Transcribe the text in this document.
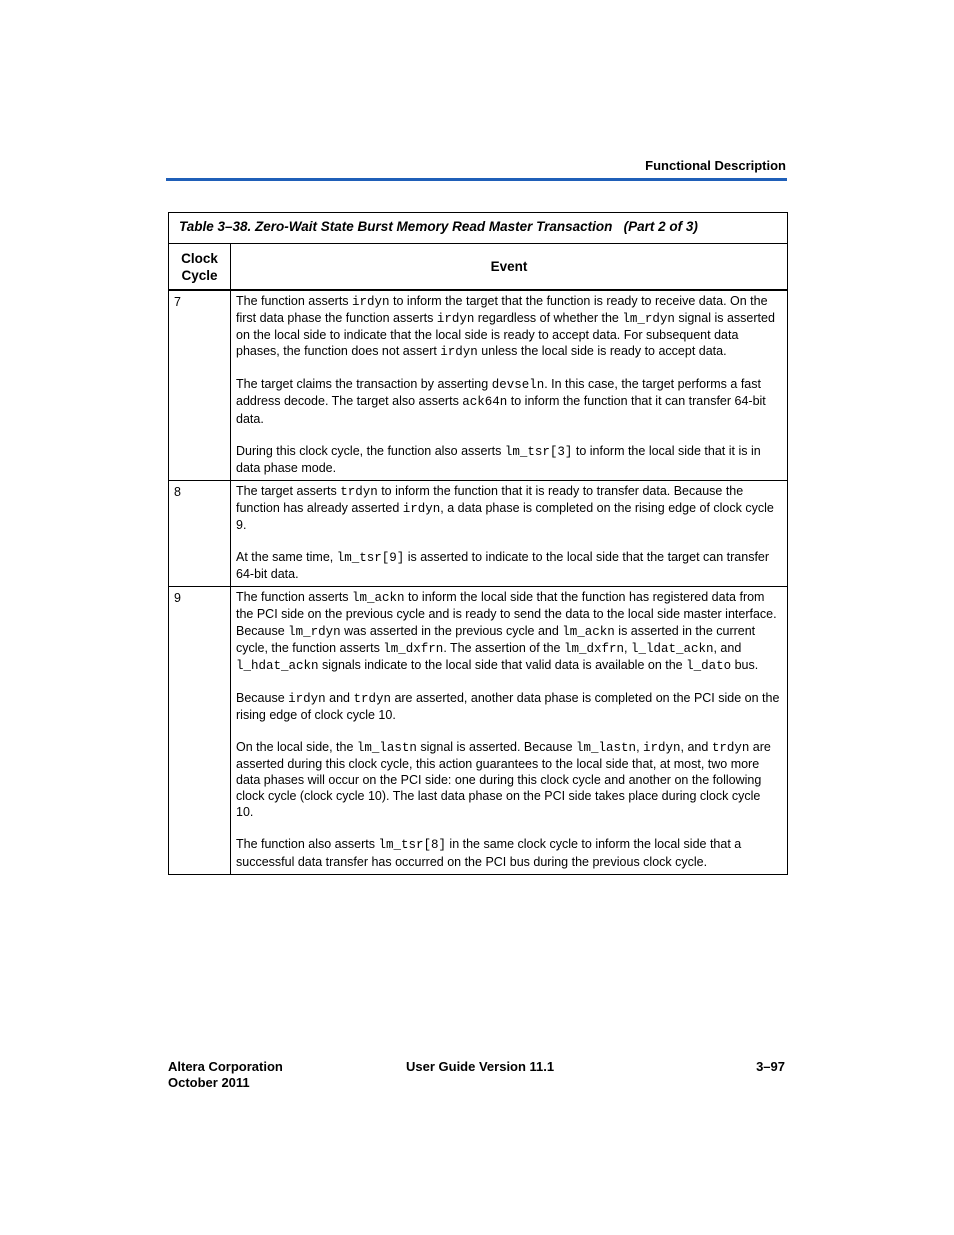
Functional Description
Table 3–38. Zero-Wait State Burst Memory Read Master Transaction   (Part 2 of 3)
Clock Cycle
Event
7	The function asserts irdyn to inform the target that the function is ready to receive data. On the first data phase the function asserts irdyn regardless of whether the lm_rdyn signal is asserted on the local side to indicate that the local side is ready to accept data. For subsequent data phases, the function does not assert irdyn unless the local side is ready to accept data.

The target claims the transaction by asserting devseln. In this case, the target performs a fast address decode. The target also asserts ack64n to inform the function that it can transfer 64-bit data.

During this clock cycle, the function also asserts lm_tsr[3] to inform the local side that it is in data phase mode.

8	The target asserts trdyn to inform the function that it is ready to transfer data. Because the function has already asserted irdyn, a data phase is completed on the rising edge of clock cycle 9.

At the same time, lm_tsr[9] is asserted to indicate to the local side that the target can transfer 64-bit data.

9	The function asserts lm_ackn to inform the local side that the function has registered data from the PCI side on the previous cycle and is ready to send the data to the local side master interface. Because lm_rdyn was asserted in the previous cycle and lm_ackn is asserted in the current cycle, the function asserts lm_dxfrn. The assertion of the lm_dxfrn, l_ldat_ackn, and l_hdat_ackn signals indicate to the local side that valid data is available on the l_dato bus.

Because irdyn and trdyn are asserted, another data phase is completed on the PCI side on the rising edge of clock cycle 10.

On the local side, the lm_lastn signal is asserted. Because lm_lastn, irdyn, and trdyn are asserted during this clock cycle, this action guarantees to the local side that, at most, two more data phases will occur on the PCI side: one during this clock cycle and another on the following clock cycle (clock cycle 10). The last data phase on the PCI side takes place during clock cycle 10.

The function also asserts lm_tsr[8] in the same clock cycle to inform the local side that a successful data transfer has occurred on the PCI bus during the previous clock cycle.

Altera Corporation
October 2011
User Guide Version 11.1	3–97
